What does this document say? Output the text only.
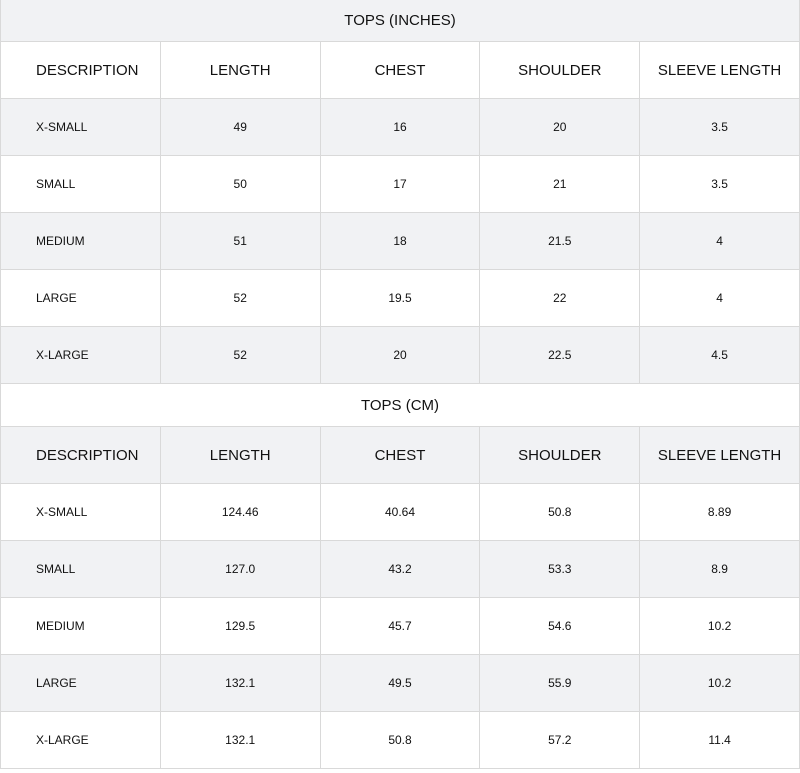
TOPS (INCHES)				
DESCRIPTION	LENGTH	CHEST	SHOULDER	SLEEVE LENGTH
X-SMALL	49	16	20	3.5
SMALL	50	17	21	3.5
MEDIUM	51	18	21.5	4
LARGE	52	19.5	22	4
X-LARGE	52	20	22.5	4.5
TOPS (CM)				
DESCRIPTION	LENGTH	CHEST	SHOULDER	SLEEVE LENGTH
X-SMALL	124.46	40.64	50.8	8.89
SMALL	127.0	43.2	53.3	8.9
MEDIUM	129.5	45.7	54.6	10.2
LARGE	132.1	49.5	55.9	10.2
X-LARGE	132.1	50.8	57.2	11.4
